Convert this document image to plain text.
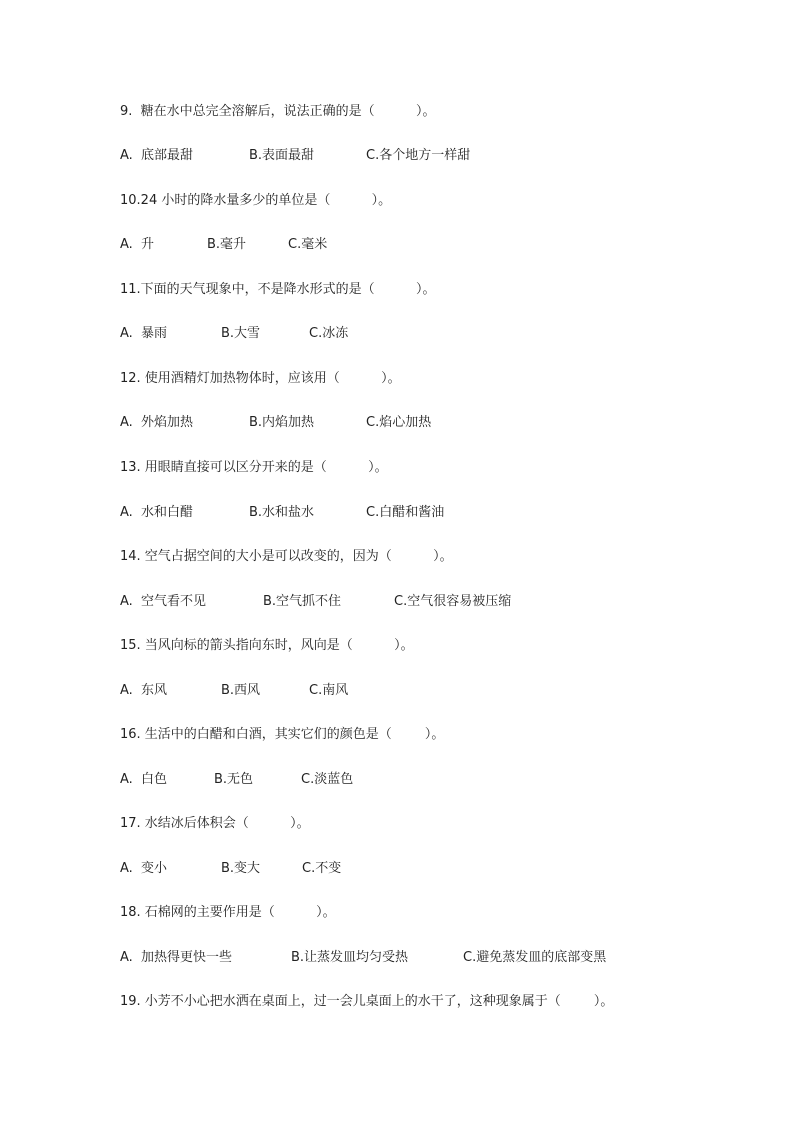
9.  糖在水中总完全溶解后，说法正确的是（          ）。

A.  底部最甜

	B.表面最甜

	C.各个地方一样甜

10.24 小时的降水量多少的单位是（          ）。

A.  升

	B.毫升

	C.毫米

11.下面的天气现象中，不是降水形式的是（          ）。

A.  暴雨

	B.大雪

	C.冰冻

12. 使用酒精灯加热物体时，应该用（          ）。

A.  外焰加热

	B.内焰加热

	C.焰心加热

13. 用眼睛直接可以区分开来的是（          ）。

A.  水和白醋

	B.水和盐水

	C.白醋和酱油

14. 空气占据空间的大小是可以改变的，因为（          ）。

A.  空气看不见

	B.空气抓不住

	C.空气很容易被压缩

15. 当风向标的箭头指向东时，风向是（          ）。

A.  东风

	B.西风

	C.南风

16. 生活中的白醋和白酒，其实它们的颜色是（        ）。

A.  白色

	B.无色

	C.淡蓝色

17. 水结冰后体积会（          ）。

A.  变小

	B.变大

	C.不变

18. 石棉网的主要作用是（          ）。

A.  加热得更快一些

	B.让蒸发皿均匀受热

	C.避免蒸发皿的底部变黑

19. 小芳不小心把水洒在桌面上，过一会儿桌面上的水干了，这种现象属于（        ）。
